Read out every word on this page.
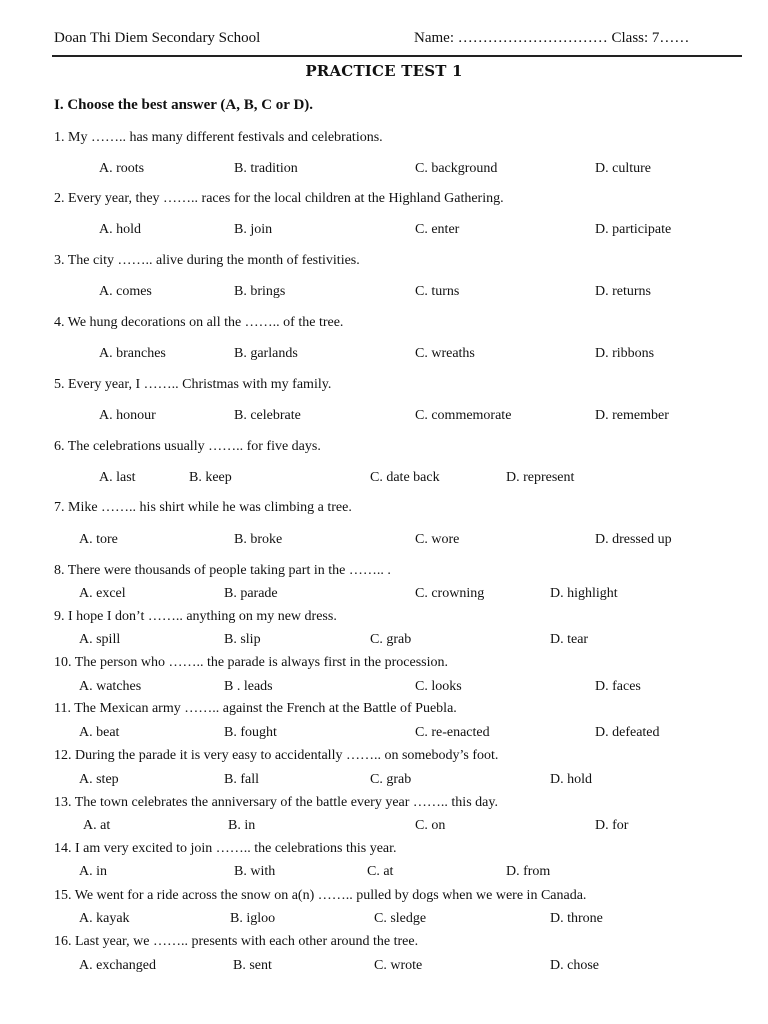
Doan Thi Diem Secondary School	Name: ………………………… Class: 7……
PRACTICE TEST 1
I. Choose the best answer (A, B, C or D).
1. My …….. has many different festivals and celebrations.
A. roots	B. tradition	C. background	D. culture
2. Every year, they …….. races for the local children at the Highland Gathering.
A. hold	B. join	C. enter	D. participate
3. The city …….. alive during the month of festivities.
A. comes	B. brings	C. turns	D. returns
4. We hung decorations on all the …….. of the tree.
A. branches	B. garlands	C. wreaths	D. ribbons
5. Every year, I …….. Christmas with my family.
A. honour	B. celebrate	C. commemorate	D. remember
6. The celebrations usually …….. for five days.
A. last	B. keep	C. date back	D. represent
7. Mike …….. his shirt while he was climbing a tree.
A. tore	B. broke	C. wore	D. dressed up
8. There were thousands of people taking part in the …….. .
A. excel	B. parade	C. crowning	D. highlight
9. I hope I don’t …….. anything on my new dress.
A. spill	B. slip	C. grab	D. tear
10. The person who …….. the parade is always first in the procession.
A. watches	B . leads	C. looks	D. faces
11. The Mexican army …….. against the French at the Battle of Puebla.
A. beat	B. fought	C. re-enacted	D. defeated
12. During the parade it is very easy to accidentally …….. on somebody’s foot.
A. step	B. fall	C. grab	D. hold
13. The town celebrates the anniversary of the battle every year …….. this day.
A. at	B. in	C. on	D. for
14. I am very excited to join …….. the celebrations this year.
A. in	B. with	C. at	D. from
15. We went for a ride across the snow on a(n) …….. pulled by dogs when we were in Canada.
A. kayak	B. igloo	C. sledge	D. throne
16. Last year, we …….. presents with each other around the tree.
A. exchanged	B. sent	C. wrote	D. chose
